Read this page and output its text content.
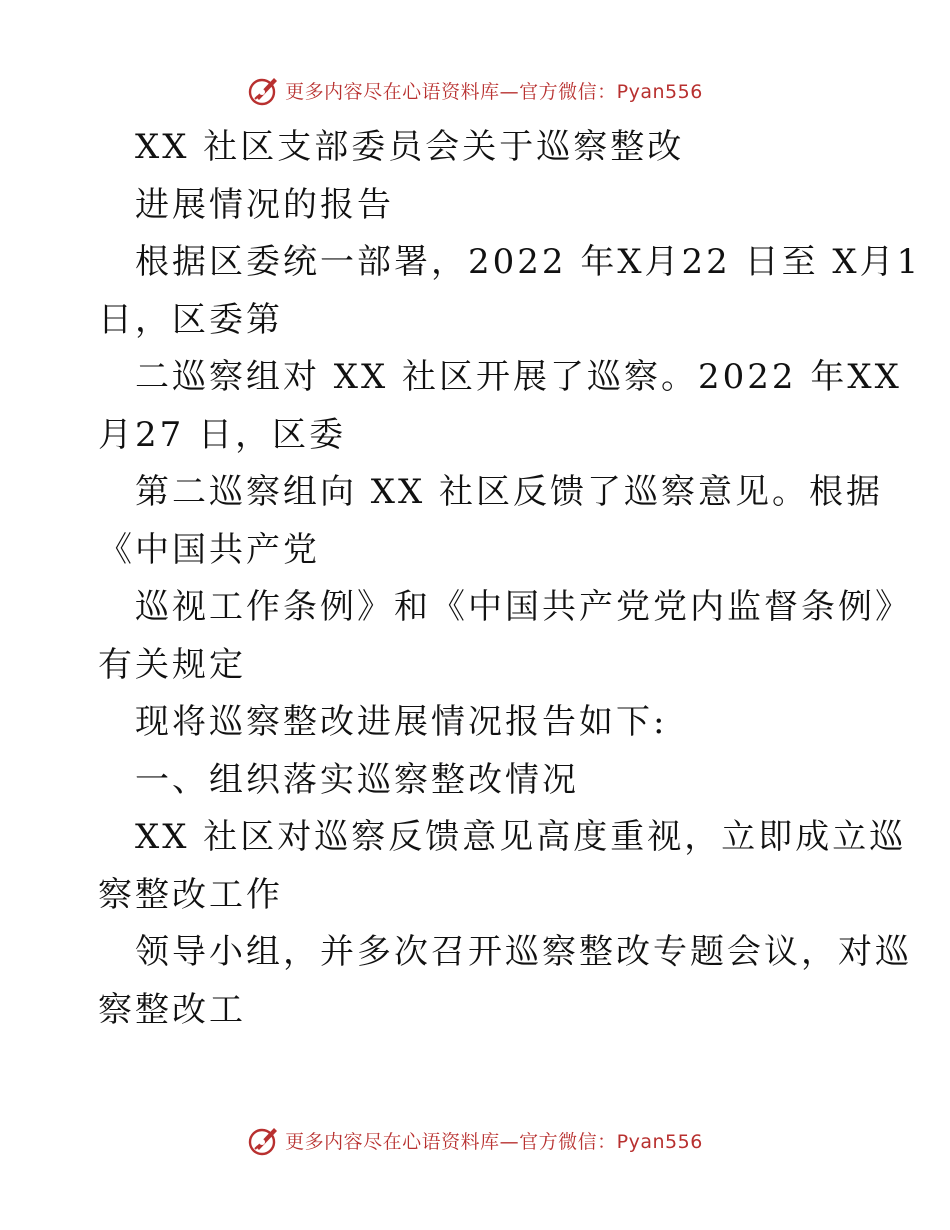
更多内容尽在心语资料库—官方微信：Pyan556
XX 社区支部委员会关于巡察整改
进展情况的报告
根据区委统一部署，2022 年X月22 日至 X月1
日，区委第
二巡察组对 XX 社区开展了巡察。2022 年XX
月27 日，区委
第二巡察组向 XX 社区反馈了巡察意见。根据
《中国共产党
巡视工作条例》和《中国共产党党内监督条例》
有关规定
现将巡察整改进展情况报告如下:
一、组织落实巡察整改情况
XX 社区对巡察反馈意见高度重视，立即成立巡
察整改工作
领导小组，并多次召开巡察整改专题会议，对巡
察整改工
更多内容尽在心语资料库—官方微信：Pyan556
